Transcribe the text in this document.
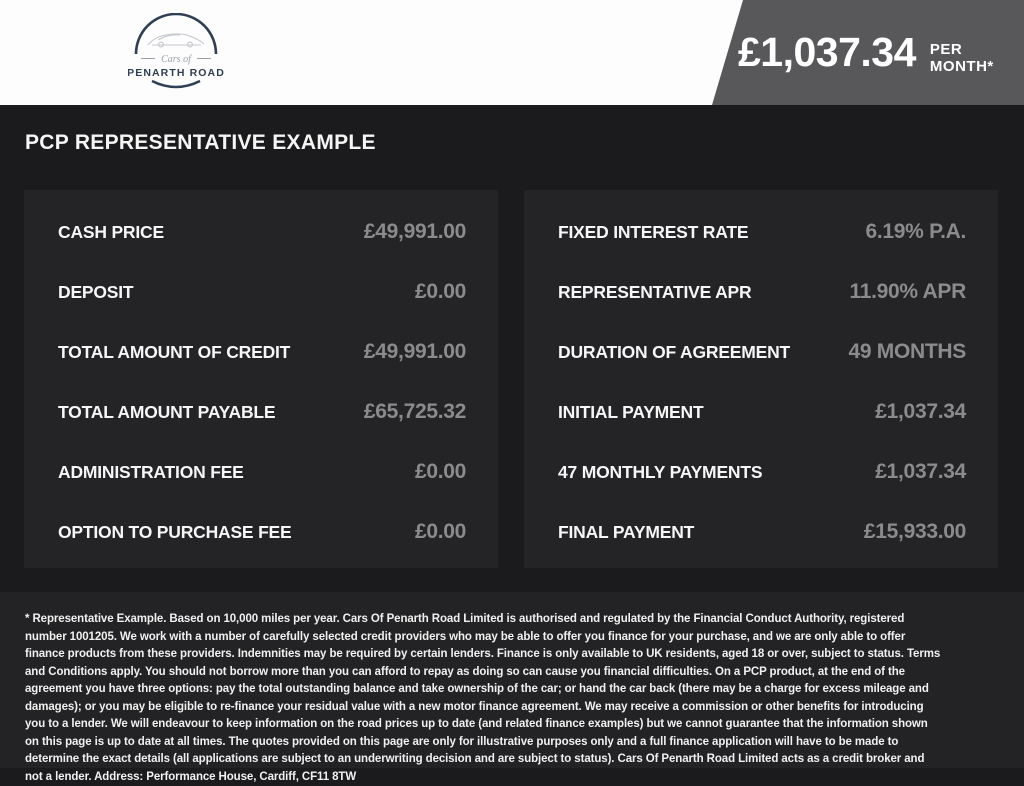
Cars of
PENARTH ROAD	£1,037.34 PER MONTH*
PCP REPRESENTATIVE EXAMPLE
CASH PRICE	£49,991.00
DEPOSIT	£0.00
TOTAL AMOUNT OF CREDIT	£49,991.00
TOTAL AMOUNT PAYABLE	£65,725.32
ADMINISTRATION FEE	£0.00
OPTION TO PURCHASE FEE	£0.00
FIXED INTEREST RATE	6.19% P.A.
REPRESENTATIVE APR	11.90% APR
DURATION OF AGREEMENT	49 MONTHS
INITIAL PAYMENT	£1,037.34
47 MONTHLY PAYMENTS	£1,037.34
FINAL PAYMENT	£15,933.00
* Representative Example. Based on 10,000 miles per year. Cars Of Penarth Road Limited is authorised and regulated by the Financial Conduct Authority, registered number 1001205. We work with a number of carefully selected credit providers who may be able to offer you finance for your purchase, and we are only able to offer finance products from these providers. Indemnities may be required by certain lenders. Finance is only available to UK residents, aged 18 or over, subject to status. Terms and Conditions apply. You should not borrow more than you can afford to repay as doing so can cause you financial difficulties. On a PCP product, at the end of the agreement you have three options: pay the total outstanding balance and take ownership of the car; or hand the car back (there may be a charge for excess mileage and damages); or you may be eligible to re-finance your residual value with a new motor finance agreement. We may receive a commission or other benefits for introducing you to a lender. We will endeavour to keep information on the road prices up to date (and related finance examples) but we cannot guarantee that the information shown on this page is up to date at all times. The quotes provided on this page are only for illustrative purposes only and a full finance application will have to be made to determine the exact details (all applications are subject to an underwriting decision and are subject to status). Cars Of Penarth Road Limited acts as a credit broker and not a lender. Address: Performance House, Cardiff, CF11 8TW
